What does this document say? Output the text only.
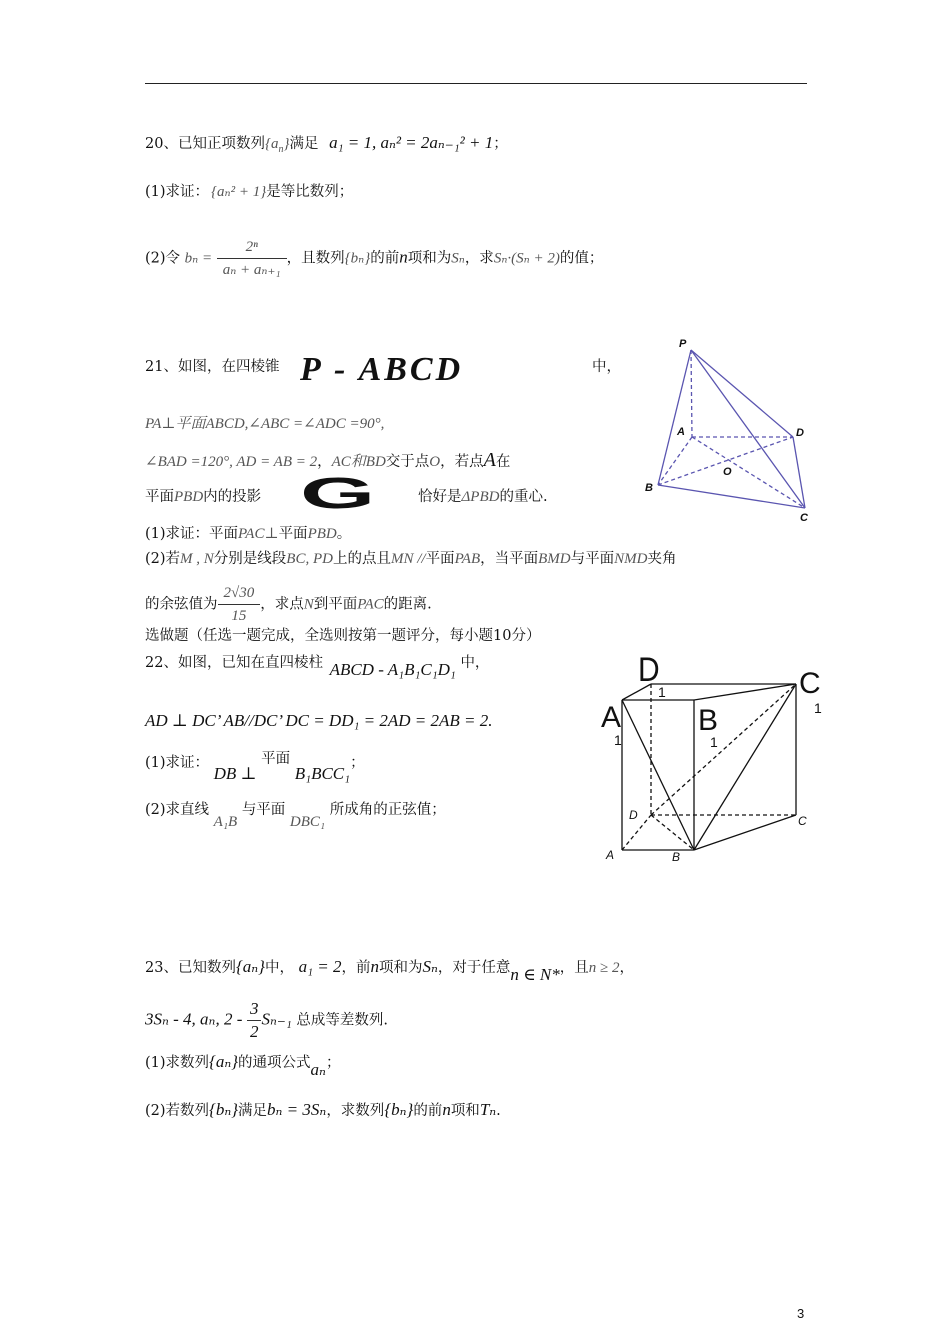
20、已知正项数列$\{a_n\}$满足 a₁ = 1, aₙ² = 2aₙ₋₁² + 1；
(1)求证： {aₙ² + 1}是等比数列；
(2)令 $b_n = \frac{\text{2ⁿ}}{\text{aₙ + aₙ₊₁}}$ ，且数列{bₙ}的前n项和为Sₙ，求Sₙ·(Sₙ + 2)的值；
21、如图，在四棱锥 P - ABCD	中，
PA⊥平面ABCD,∠ABC =∠ADC =90°,
∠BAD =120°, AD = AB = 2，AC和BD交于点O，若点A在
平面PBD内的投影 G	恰好是ΔPBD的重心.
(1)求证：平面PAC⊥平面PBD。
(2)若M , N分别是线段BC, PD上的点且MN //平面PAB，当平面BMD与平面NMD夹角
的余弦值为 $\frac{2√30}{15}$ ，求点N到平面PAC的距离.
P
A	D
O
B
C
选做题（任选一题完成，全选则按第一题评分，每小题10分）
22、如图，已知在直四棱柱 ABCD - A₁B₁C₁D₁ 中，
AD ⊥ DC’ AB//DC’ DC = DD₁ = 2AD = 2AB = 2.
(1)求证： DB ⊥ 平面 B₁BCC₁；
(2)求直线 A₁B 与平面 DBC₁ 所成角的正弦值；
D
1	C
1
A
1
B
1
D	C
A	B
23、已知数列{aₙ}中， a₁ = 2，前n项和为Sₙ，对于任意n ∈ N*，且n ≥ 2，
3Sₙ - 4, aₙ, $2 - \frac{3}{2} S_{n-1}$ 总成等差数列.
(1)求数列{aₙ}的通项公式aₙ；
(2)若数列{bₙ}满足bₙ = 3Sₙ，求数列{bₙ}的前n项和Tₙ.
3
